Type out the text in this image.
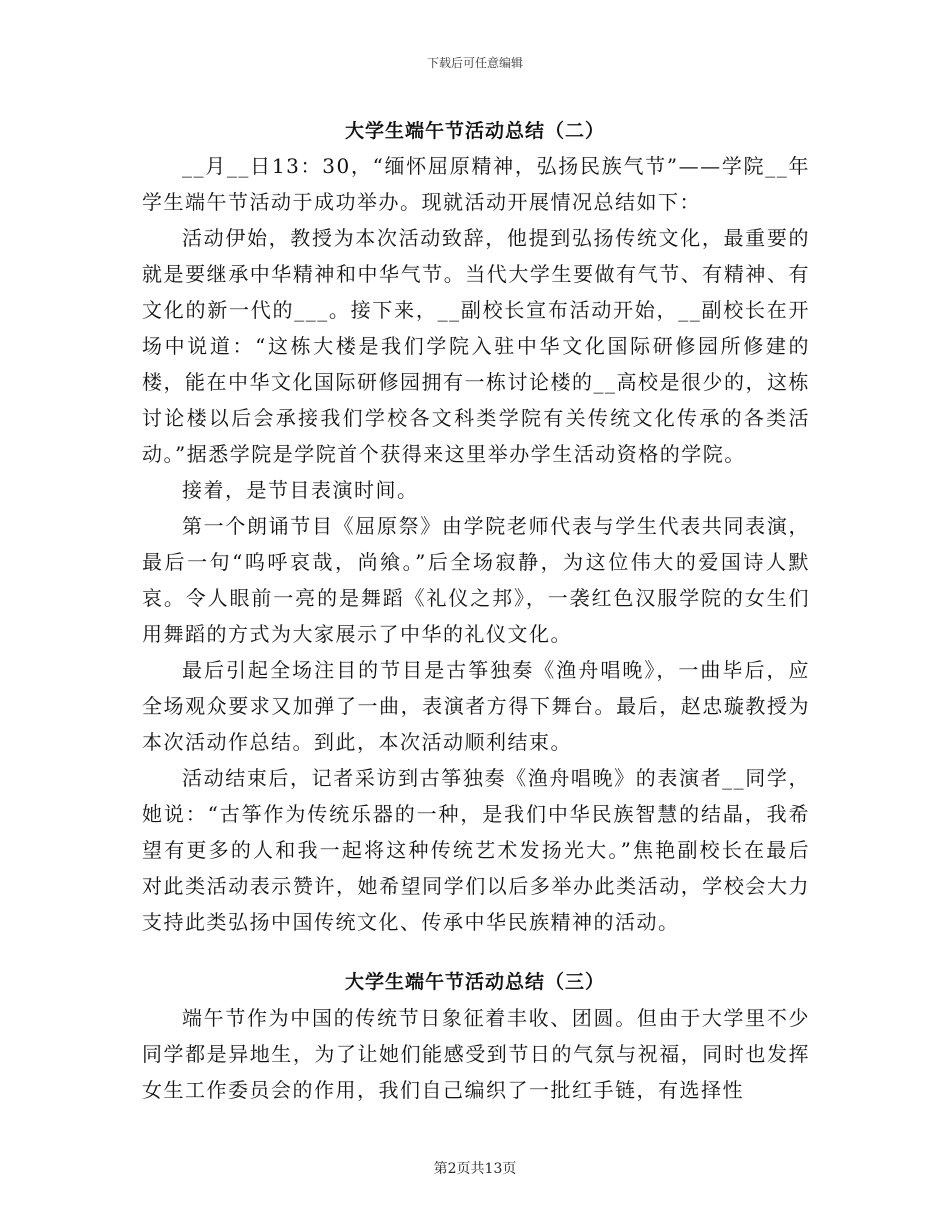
下载后可任意编辑
大学生端午节活动总结（二）

__月__日13：30，“缅怀屈原精神，弘扬民族气节”——学院__年学生端午节活动于成功举办。现就活动开展情况总结如下：

活动伊始，教授为本次活动致辞，他提到弘扬传统文化，最重要的就是要继承中华精神和中华气节。当代大学生要做有气节、有精神、有文化的新一代的___。接下来，__副校长宣布活动开始，__副校长在开场中说道：“这栋大楼是我们学院入驻中华文化国际研修园所修建的楼，能在中华文化国际研修园拥有一栋讨论楼的__高校是很少的，这栋讨论楼以后会承接我们学校各文科类学院有关传统文化传承的各类活动。”据悉学院是学院首个获得来这里举办学生活动资格的学院。

接着，是节目表演时间。

第一个朗诵节目《屈原祭》由学院老师代表与学生代表共同表演，最后一句“呜呼哀哉，尚飨。”后全场寂静，为这位伟大的爱国诗人默哀。令人眼前一亮的是舞蹈《礼仪之邦》，一袭红色汉服学院的女生们用舞蹈的方式为大家展示了中华的礼仪文化。

最后引起全场注目的节目是古筝独奏《渔舟唱晚》，一曲毕后，应全场观众要求又加弹了一曲，表演者方得下舞台。最后，赵忠璇教授为本次活动作总结。到此，本次活动顺利结束。

活动结束后，记者采访到古筝独奏《渔舟唱晚》的表演者__同学，她说：“古筝作为传统乐器的一种，是我们中华民族智慧的结晶，我希望有更多的人和我一起将这种传统艺术发扬光大。”焦艳副校长在最后对此类活动表示赞许，她希望同学们以后多举办此类活动，学校会大力支持此类弘扬中国传统文化、传承中华民族精神的活动。

大学生端午节活动总结（三）

端午节作为中国的传统节日象征着丰收、团圆。但由于大学里不少同学都是异地生，为了让她们能感受到节日的气氛与祝福，同时也发挥女生工作委员会的作用，我们自己编织了一批红手链，有选择性

第2页共13页
